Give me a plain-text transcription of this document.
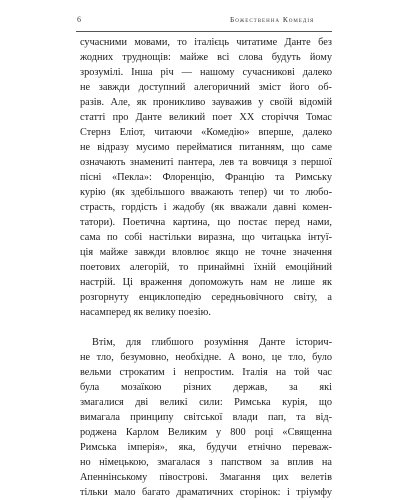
6	Божественна Комедія
сучасними мовами, то італієць читатиме Данте без
жодних труднощів: майже всі слова будуть йому
зрозумілі. Інша річ — нашому сучасникові далеко
не завжди доступний алегоричний зміст його об-
разів. Але, як проникливо зауважив у своїй відомій
статті про Данте великий поет ХХ сторіччя Томас
Стернз Еліот, читаючи «Комедію» вперше, далеко
не відразу мусимо перейматися питанням, що саме
означають знамениті пантера, лев та вовчиця з першої
пісні «Пекла»: Флоренцію, Францію та Римську
курію (як здебільшого вважають тепер) чи то любо-
страсть, гордість і жадобу (як вважали давні комен-
татори). Поетична картина, що постає перед нами,
сама по собі настільки виразна, що читацька інтуї-
ція майже завжди вловлює якщо не точне значення
поетових алегорій, то принаймні їхній емоційний
настрій. Ці враження допоможуть нам не лише як
розгорнуту енциклопедію середньовічного світу, а
насамперед як велику поезію.
Втім, для глибшого розуміння Данте історич-
не тло, безумовно, необхідне. А воно, це тло, було
вельми строкатим і непростим. Італія на той час
була мозаїкою різних держав, за які
змагалися дві великі сили: Римська курія, що
вимагала принципу світської влади пап, та від-
родженa Карлом Великим у 800 році «Священна
Римська імперія», яка, будучи етнічно переваж-
но німецькою, змагалася з папством за вплив на
Апеннінському півострові. Змагання цих велетів
тільки мало багато драматичних сторінок: і тріумфу
